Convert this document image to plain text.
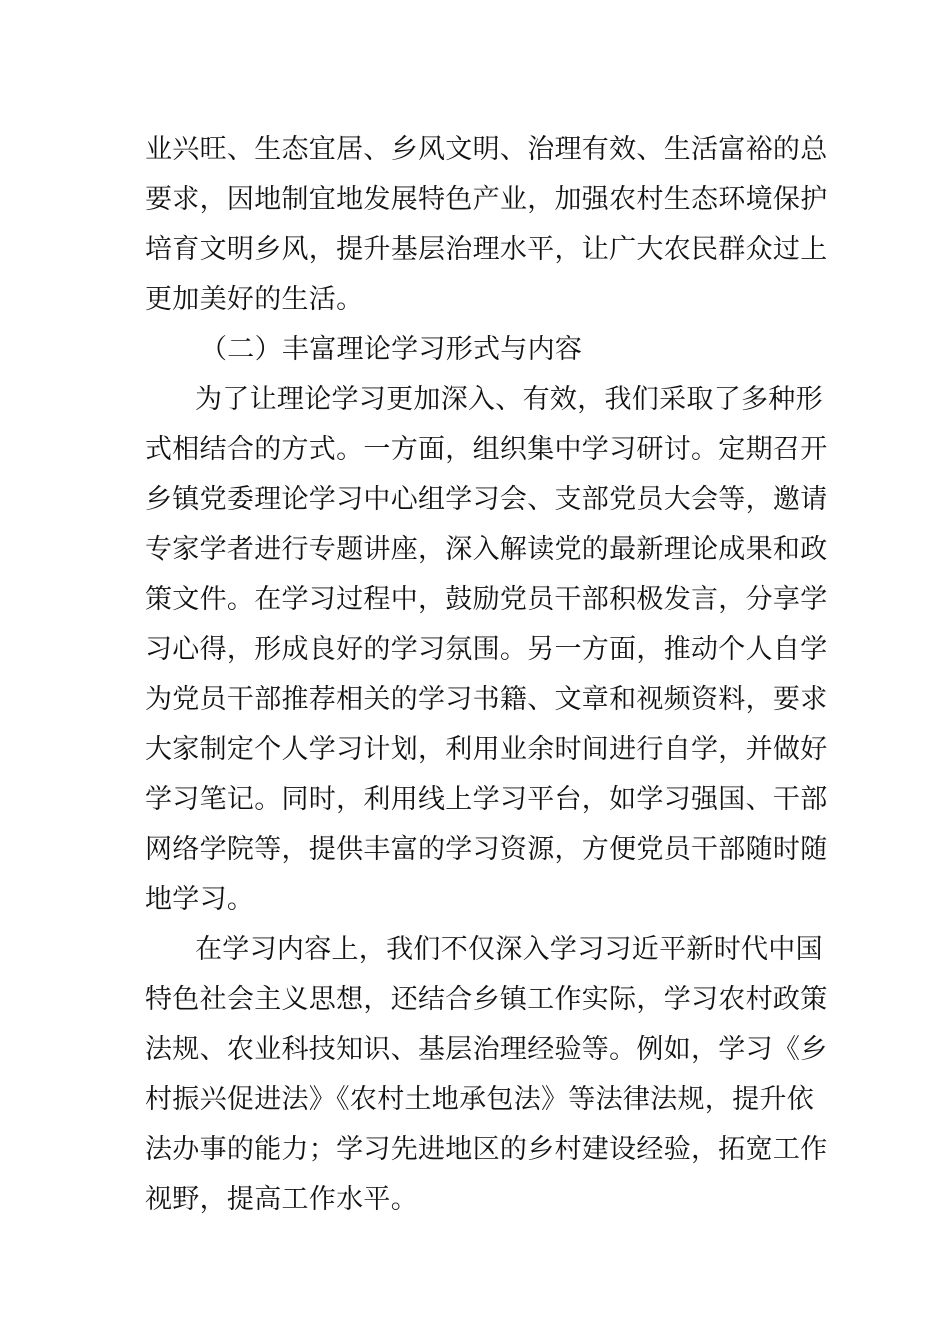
业兴旺、生态宜居、乡风文明、治理有效、生活富裕的总
要求，因地制宜地发展特色产业，加强农村生态环境保护
培育文明乡风，提升基层治理水平，让广大农民群众过上
更加美好的生活。
（二）丰富理论学习形式与内容
为了让理论学习更加深入、有效，我们采取了多种形
式相结合的方式。一方面，组织集中学习研讨。定期召开
乡镇党委理论学习中心组学习会、支部党员大会等，邀请
专家学者进行专题讲座，深入解读党的最新理论成果和政
策文件。在学习过程中，鼓励党员干部积极发言，分享学
习心得，形成良好的学习氛围。另一方面，推动个人自学
为党员干部推荐相关的学习书籍、文章和视频资料，要求
大家制定个人学习计划，利用业余时间进行自学，并做好
学习笔记。同时，利用线上学习平台，如学习强国、干部
网络学院等，提供丰富的学习资源，方便党员干部随时随
地学习。
在学习内容上，我们不仅深入学习习近平新时代中国
特色社会主义思想，还结合乡镇工作实际，学习农村政策
法规、农业科技知识、基层治理经验等。例如，学习《乡
村振兴促进法》《农村土地承包法》等法律法规，提升依
法办事的能力；学习先进地区的乡村建设经验，拓宽工作
视野，提高工作水平。
